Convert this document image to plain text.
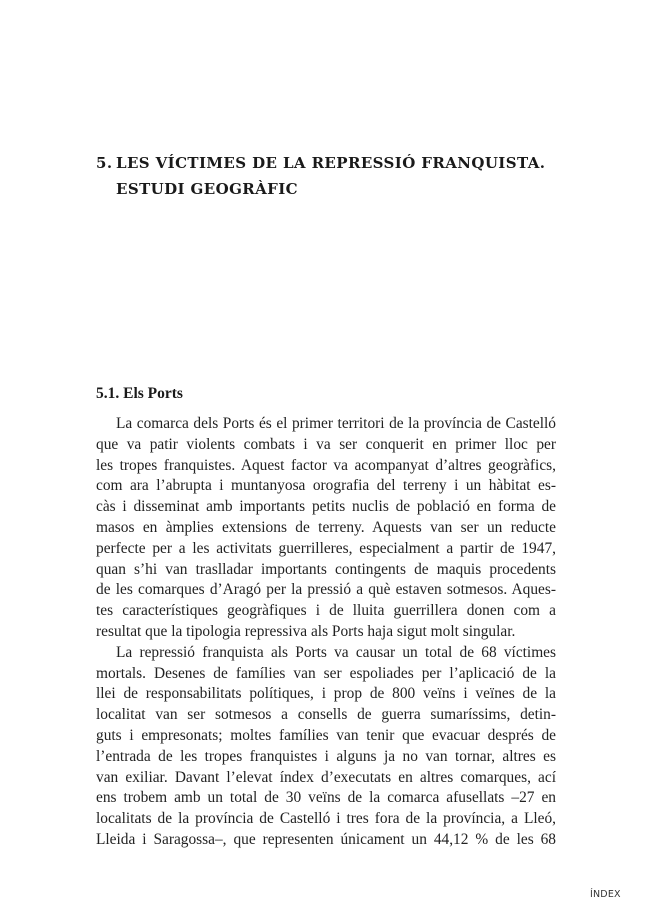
5. LES VÍCTIMES DE LA REPRESSIÓ FRANQUISTA.
ESTUDI GEOGRÀFIC
5.1. Els Ports
La comarca dels Ports és el primer territori de la província de Castelló
que va patir violents combats i va ser conquerit en primer lloc per
les tropes franquistes. Aquest factor va acompanyat d’altres geogràfics,
com ara l’abrupta i muntanyosa orografia del terreny i un hàbitat es-
càs i disseminat amb importants petits nuclis de població en forma de
masos en àmplies extensions de terreny. Aquests van ser un reducte
perfecte per a les activitats guerrilleres, especialment a partir de 1947,
quan s’hi van traslladar importants contingents de maquis procedents
de les comarques d’Aragó per la pressió a què estaven sotmesos. Aques-
tes característiques geogràfiques i de lluita guerrillera donen com a
resultat que la tipologia repressiva als Ports haja sigut molt singular.
La repressió franquista als Ports va causar un total de 68 víctimes
mortals. Desenes de famílies van ser espoliades per l’aplicació de la
llei de responsabilitats polítiques, i prop de 800 veïns i veïnes de la
localitat van ser sotmesos a consells de guerra sumaríssims, detin-
guts i empresonats; moltes famílies van tenir que evacuar després de
l’entrada de les tropes franquistes i alguns ja no van tornar, altres es
van exiliar. Davant l’elevat índex d’executats en altres comarques, ací
ens trobem amb un total de 30 veïns de la comarca afusellats –27 en
localitats de la província de Castelló i tres fora de la província, a Lleó,
Lleida i Saragossa–, que representen únicament un 44,12 % de les 68
ÍNDEX
